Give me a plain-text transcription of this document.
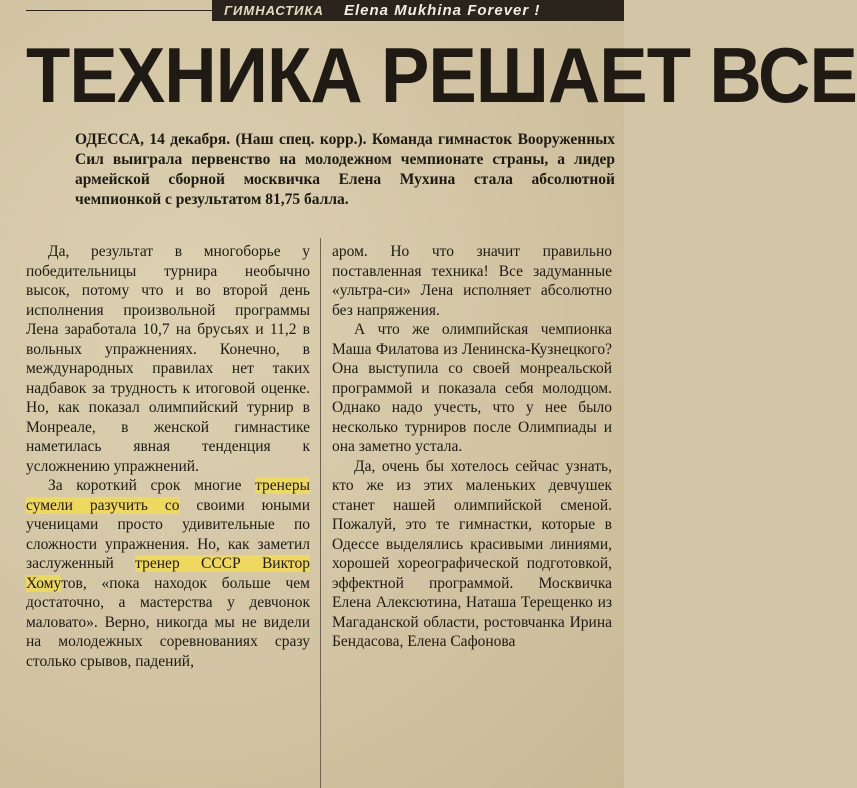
ГИМНАСТИКА	Elena Mukhina Forever !
ТЕХНИКА РЕШАЕТ ВСЕ
ОДЕССА, 14 декабря. (Наш спец. корр.). Команда гимнасток Вооруженных Сил выиграла первенство на молодежном чемпионате страны, а лидер армейской сборной москвичка Елена Мухина стала абсолютной чемпионкой с результатом 81,75 балла.

Да, результат в многоборье у победительницы турнира необычно высок, потому что и во второй день исполнения произвольной программы Лена заработала 10,7 на брусьях и 11,2 в вольных упражнениях. Конечно, в международных правилах нет таких надбавок за трудность к итоговой оценке. Но, как показал олимпийский турнир в Монреале, в женской гимнастике наметилась явная тенденция к усложнению упражнений.

За короткий срок многие тренеры сумели разучить со своими юными ученицами просто удивительные по сложности упражнения. Но, как заметил заслуженный тренер СССР Виктор Хомутов, «пока находок больше чем достаточно, а мастерства у девчонок маловато». Верно, никогда мы не видели на молодежных соревнованиях сразу столько срывов, падений,

аром. Но что значит правильно поставленная техника! Все задуманные «ультра-си» Лена исполняет абсолютно без напряжения.

А что же олимпийская чемпионка Маша Филатова из Ленинска-Кузнецкого? Она выступила со своей монреальской программой и показала себя молодцом. Однако надо учесть, что у нее было несколько турниров после Олимпиады и она заметно устала.

Да, очень бы хотелось сейчас узнать, кто же из этих маленьких девчушек станет нашей олимпийской сменой. Пожалуй, это те гимнастки, которые в Одессе выделялись красивыми линиями, хорошей хореографической подготовкой, эффектной программой. Москвичка Елена Алексютина, Наташа Терещенко из Магаданской области, ростовчанка Ирина Бендасова, Елена Сафонова
